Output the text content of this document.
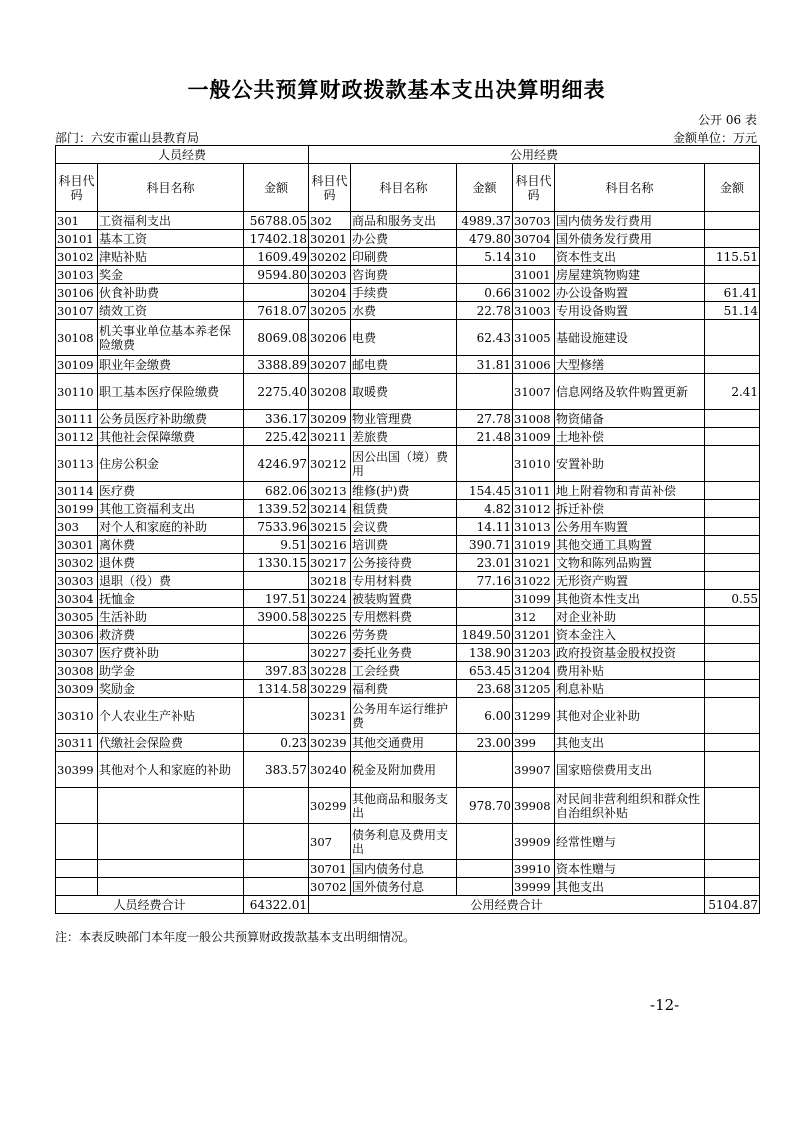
一般公共预算财政拨款基本支出决算明细表
公开 06 表
部门：六安市霍山县教育局	金额单位：万元
人员经费			公用经费					
科目代码	科目名称	金额	科目代码	科目名称	金额	科目代码	科目名称	金额
301	工资福利支出	56788.05	302	商品和服务支出	4989.37	30703	国内债务发行费用	
30101	基本工资	17402.18	30201	办公费	479.80	30704	国外债务发行费用	
30102	津贴补贴	1609.49	30202	印刷费	5.14	310	资本性支出	115.51
30103	奖金	9594.80	30203	咨询费		31001	房屋建筑物购建	
30106	伙食补助费		30204	手续费	0.66	31002	办公设备购置	61.41
30107	绩效工资	7618.07	30205	水费	22.78	31003	专用设备购置	51.14
30108	机关事业单位基本养老保险缴费	8069.08	30206	电费	62.43	31005	基础设施建设	
30109	职业年金缴费	3388.89	30207	邮电费	31.81	31006	大型修缮	
30110	职工基本医疗保险缴费	2275.40	30208	取暖费		31007	信息网络及软件购置更新	2.41
30111	公务员医疗补助缴费	336.17	30209	物业管理费	27.78	31008	物资储备	
30112	其他社会保障缴费	225.42	30211	差旅费	21.48	31009	土地补偿	
30113	住房公积金	4246.97	30212	因公出国（境）费用		31010	安置补助	
30114	医疗费	682.06	30213	维修(护)费	154.45	31011	地上附着物和青苗补偿	
30199	其他工资福利支出	1339.52	30214	租赁费	4.82	31012	拆迁补偿	
303	对个人和家庭的补助	7533.96	30215	会议费	14.11	31013	公务用车购置	
30301	离休费	9.51	30216	培训费	390.71	31019	其他交通工具购置	
30302	退休费	1330.15	30217	公务接待费	23.01	31021	文物和陈列品购置	
30303	退职（役）费		30218	专用材料费	77.16	31022	无形资产购置	
30304	抚恤金	197.51	30224	被装购置费		31099	其他资本性支出	0.55
30305	生活补助	3900.58	30225	专用燃料费		312	对企业补助	
30306	救济费		30226	劳务费	1849.50	31201	资本金注入	
30307	医疗费补助		30227	委托业务费	138.90	31203	政府投资基金股权投资	
30308	助学金	397.83	30228	工会经费	653.45	31204	费用补贴	
30309	奖励金	1314.58	30229	福利费	23.68	31205	利息补贴	
30310	个人农业生产补贴		30231	公务用车运行维护费	6.00	31299	其他对企业补助	
30311	代缴社会保险费	0.23	30239	其他交通费用	23.00	399	其他支出	
30399	其他对个人和家庭的补助	383.57	30240	税金及附加费用		39907	国家赔偿费用支出	
			30299	其他商品和服务支出	978.70	39908	对民间非营利组织和群众性自治组织补贴	
			307	债务利息及费用支出		39909	经常性赠与	
			30701	国内债务付息		39910	资本性赠与	
			30702	国外债务付息		39999	其他支出	
人员经费合计		64322.01	公用经费合计					5104.87
注：本表反映部门本年度一般公共预算财政拨款基本支出明细情况。
-12-
